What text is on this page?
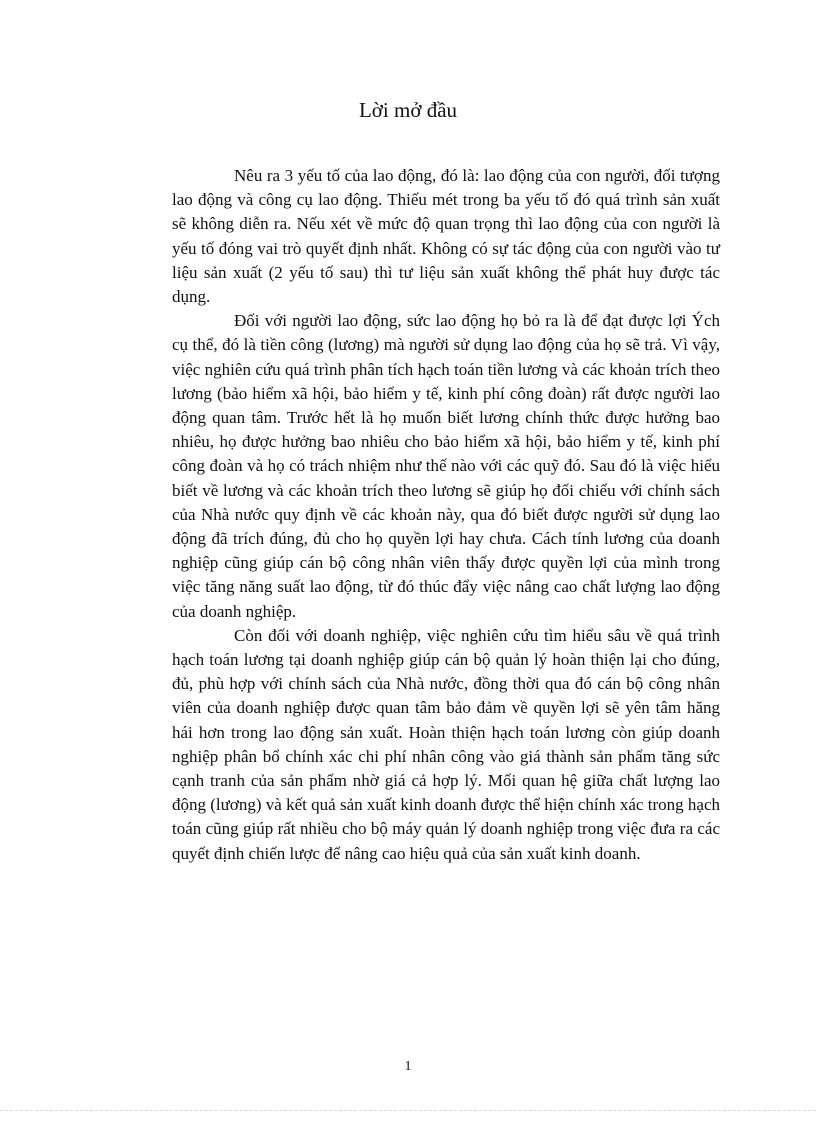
Lời mở đầu

Nêu ra 3 yếu tố của lao động, đó là: lao động của con người, đối tượng lao động và công cụ lao động. Thiếu mét trong ba yếu tố đó quá trình sản xuất sẽ không diễn ra. Nếu xét về mức độ quan trọng thì lao động của con người là yếu tố đóng vai trò quyết định nhất. Không có sự tác động của con người vào tư liệu sản xuất (2 yếu tố sau) thì tư liệu sản xuất không thể phát huy được tác dụng.

Đối với người lao động, sức lao động họ bỏ ra là để đạt được lợi Ých cụ thể, đó là tiền công (lương) mà người sử dụng lao động của họ sẽ trả. Vì vậy, việc nghiên cứu quá trình phân tích hạch toán tiền lương và các khoản trích theo lương (bảo hiểm xã hội, bảo hiểm y tế, kinh phí công đoàn) rất được người lao động quan tâm. Trước hết là họ muốn biết lương chính thức được hưởng bao nhiêu, họ được hưởng bao nhiêu cho bảo hiểm xã hội, bảo hiểm y tế, kinh phí công đoàn và họ có trách nhiệm như thế nào với các quỹ đó. Sau đó là việc hiểu biết về lương và các khoản trích theo lương sẽ giúp họ đối chiếu với chính sách của Nhà nước quy định về các khoản này, qua đó biết được người sử dụng lao động đã trích đúng, đủ cho họ quyền lợi hay chưa. Cách tính lương của doanh nghiệp cũng giúp cán bộ công nhân viên thấy được quyền lợi của mình trong việc tăng năng suất lao động, từ đó thúc đẩy việc nâng cao chất lượng lao động của doanh nghiệp.

Còn đối với doanh nghiệp, việc nghiên cứu tìm hiểu sâu về quá trình hạch toán lương tại doanh nghiệp giúp cán bộ quản lý hoàn thiện lại cho đúng, đủ, phù hợp với chính sách của Nhà nước, đồng thời qua đó cán bộ công nhân viên của doanh nghiệp được quan tâm bảo đảm về quyền lợi sẽ yên tâm hăng hái hơn trong lao động sản xuất. Hoàn thiện hạch toán lương còn giúp doanh nghiệp phân bổ chính xác chi phí nhân công vào giá thành sản phẩm tăng sức cạnh tranh của sản phẩm nhờ giá cả hợp lý. Mối quan hệ giữa chất lượng lao động (lương) và kết quả sản xuất kinh doanh được thể hiện chính xác trong hạch toán cũng giúp rất nhiều cho bộ máy quản lý doanh nghiệp trong việc đưa ra các quyết định chiến lược để nâng cao hiệu quả của sản xuất kinh doanh.

1
